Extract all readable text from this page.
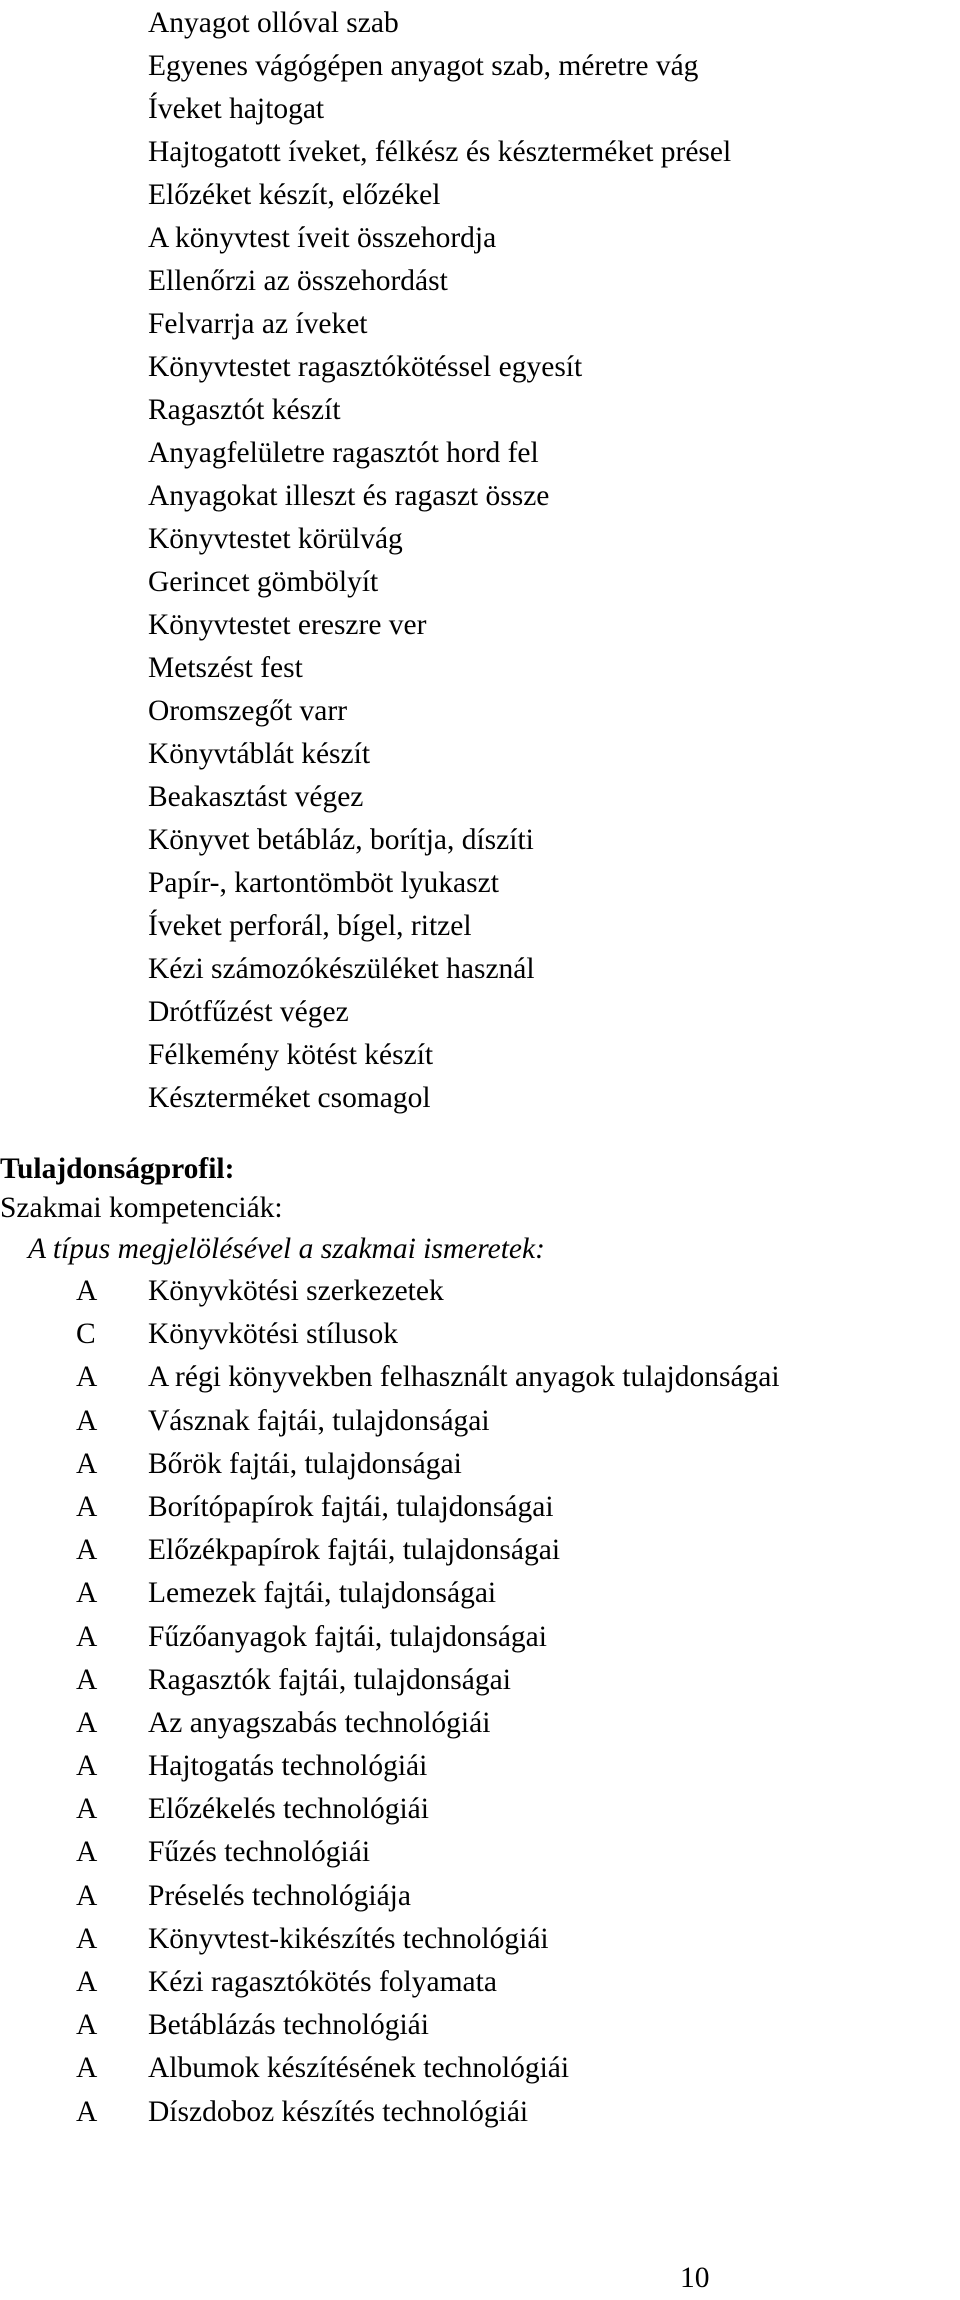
Anyagot ollóval szab
Egyenes vágógépen anyagot szab, méretre vág
Íveket hajtogat
Hajtogatott íveket, félkész és készterméket présel
Előzéket készít, előzékel
A könyvtest íveit összehordja
Ellenőrzi az összehordást
Felvarrja az íveket
Könyvtestet ragasztókötéssel egyesít
Ragasztót készít
Anyagfelületre ragasztót hord fel
Anyagokat illeszt és ragaszt össze
Könyvtestet körülvág
Gerincet gömbölyít
Könyvtestet ereszre ver
Metszést fest
Oromszegőt varr
Könyvtáblát készít
Beakasztást végez
Könyvet betábláz, borítja, díszíti
Papír-, kartontömböt lyukaszt
Íveket perforál, bígel, ritzel
Kézi számozókészüléket használ
Drótfűzést végez
Félkemény kötést készít
Készterméket csomagol
Tulajdonságprofil:
Szakmai kompetenciák:
A típus megjelölésével a szakmai ismeretek:
A	Könyvkötési szerkezetek
C	Könyvkötési stílusok
A	A régi könyvekben felhasznált anyagok tulajdonságai
A	Vásznak fajtái, tulajdonságai
A	Bőrök fajtái, tulajdonságai
A	Borítópapírok fajtái, tulajdonságai
A	Előzékpapírok fajtái, tulajdonságai
A	Lemezek fajtái, tulajdonságai
A	Fűzőanyagok fajtái, tulajdonságai
A	Ragasztók fajtái, tulajdonságai
A	Az anyagszabás technológiái
A	Hajtogatás technológiái
A	Előzékelés technológiái
A	Fűzés technológiái
A	Préselés technológiája
A	Könyvtest-kikészítés technológiái
A	Kézi ragasztókötés folyamata
A	Betáblázás technológiái
A	Albumok készítésének technológiái
A	Díszdoboz készítés technológiái
10
